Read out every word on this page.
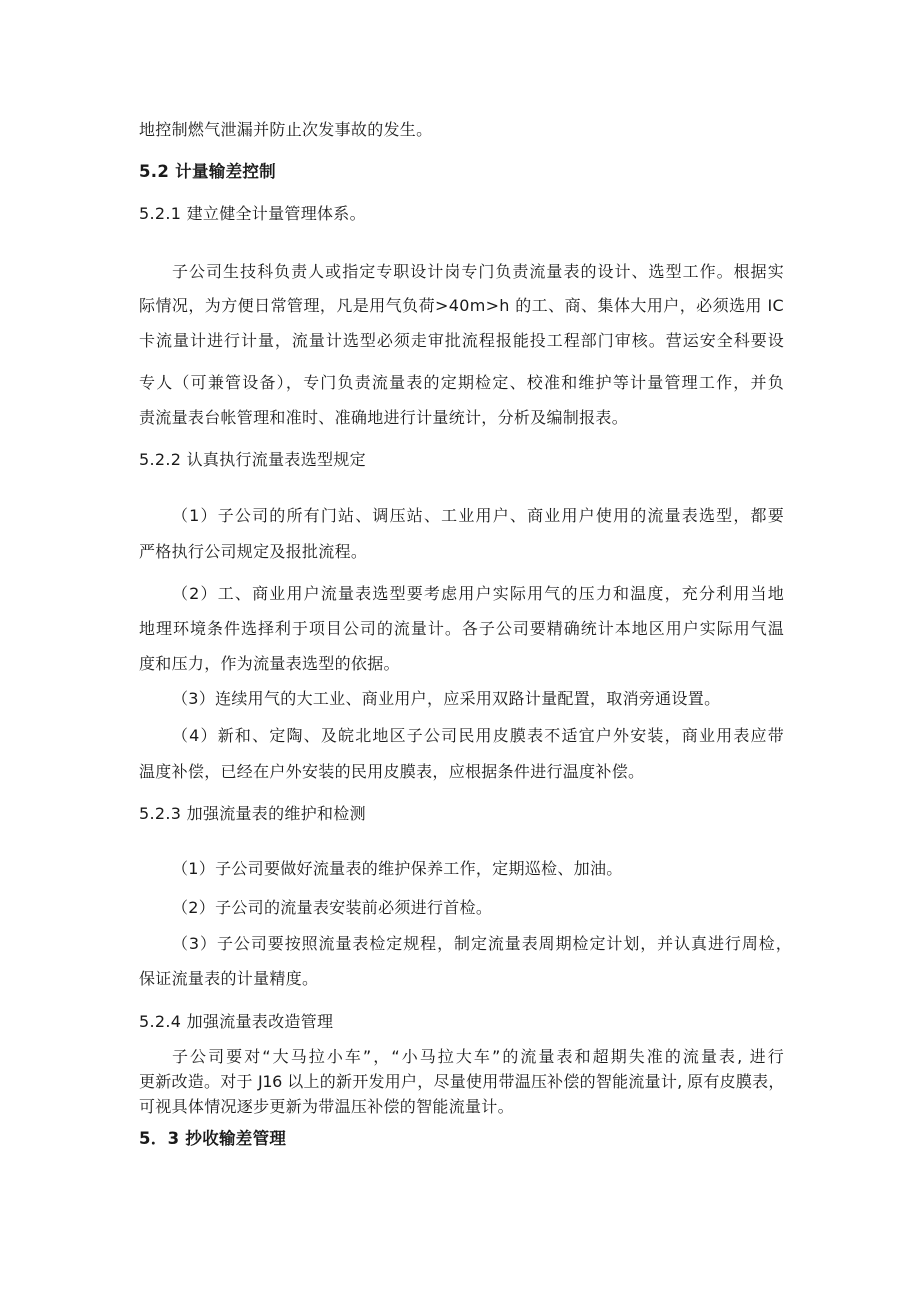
地控制燃气泄漏并防止次发事故的发生。
5.2 计量输差控制
5.2.1 建立健全计量管理体系。
子公司生技科负责人或指定专职设计岗专门负责流量表的设计、选型工作。根据实
际情况，为方便日常管理，凡是用气负荷>40m>h 的工、商、集体大用户，必须选用 IC
卡流量计进行计量，流量计选型必须走审批流程报能投工程部门审核。营运安全科要设
专人（可兼管设备），专门负责流量表的定期检定、校准和维护等计量管理工作，并负
责流量表台帐管理和准时、准确地进行计量统计，分析及编制报表。
5.2.2 认真执行流量表选型规定
（1）子公司的所有门站、调压站、工业用户、商业用户使用的流量表选型，都要
严格执行公司规定及报批流程。
（2）工、商业用户流量表选型要考虑用户实际用气的压力和温度，充分利用当地
地理环境条件选择利于项目公司的流量计。各子公司要精确统计本地区用户实际用气温
度和压力，作为流量表选型的依据。
（3）连续用气的大工业、商业用户，应采用双路计量配置，取消旁通设置。
（4）新和、定陶、及皖北地区子公司民用皮膜表不适宜户外安装，商业用表应带
温度补偿，已经在户外安装的民用皮膜表，应根据条件进行温度补偿。
5.2.3 加强流量表的维护和检测
（1）子公司要做好流量表的维护保养工作，定期巡检、加油。
（2）子公司的流量表安装前必须进行首检。
（3）子公司要按照流量表检定规程，制定流量表周期检定计划，并认真进行周检，
保证流量表的计量精度。
5.2.4 加强流量表改造管理
子公司要对“大马拉小车”，“小马拉大车”的流量表和超期失准的流量表, 进行
更新改造。对于 J16 以上的新开发用户，尽量使用带温压补偿的智能流量计, 原有皮膜表，
可视具体情况逐步更新为带温压补偿的智能流量计。
5．3 抄收输差管理
